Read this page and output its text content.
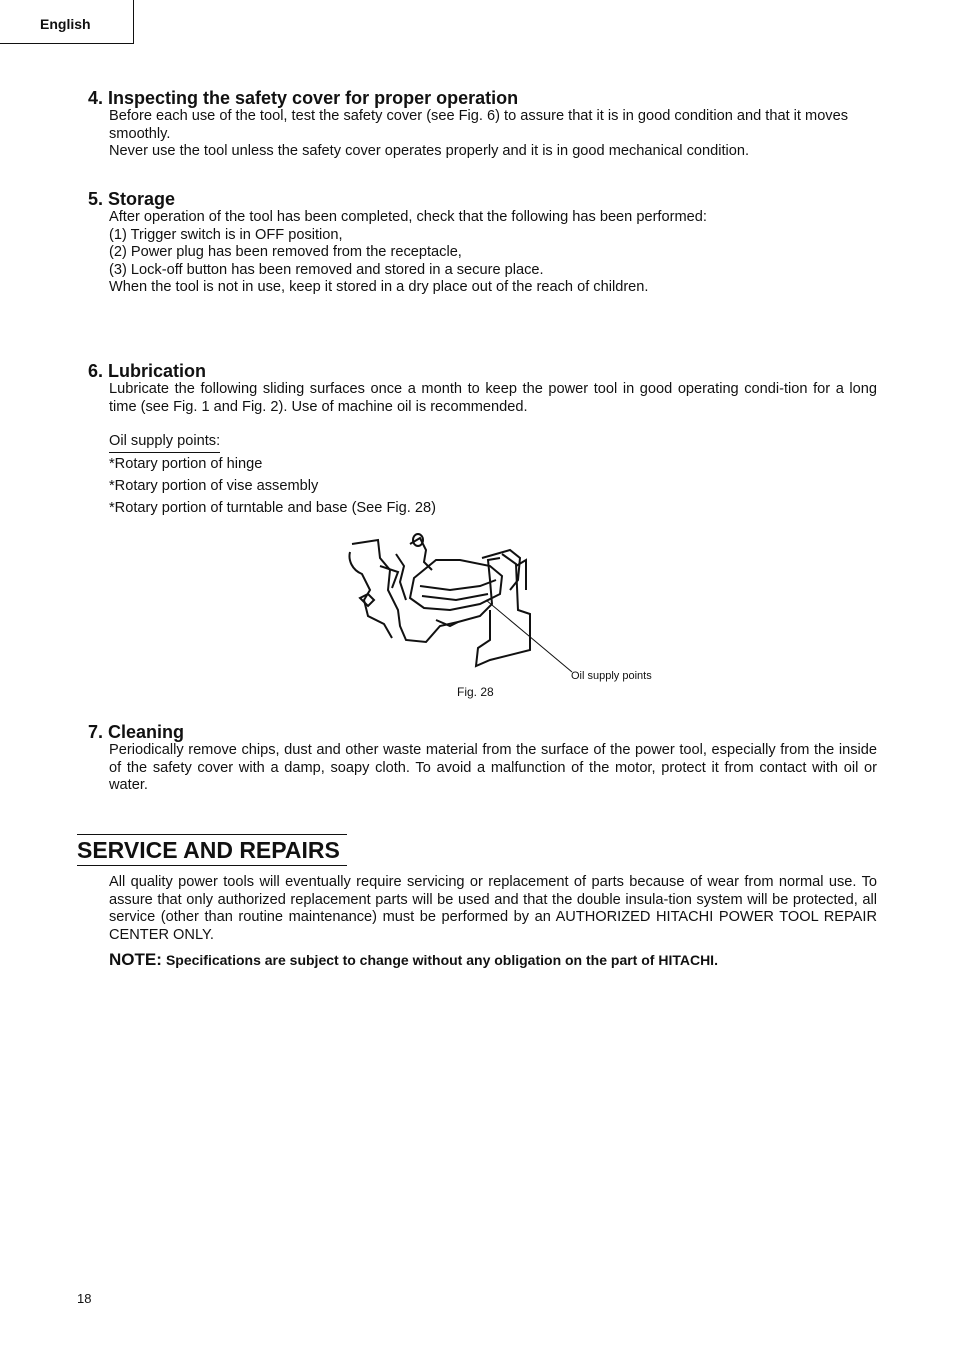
English
4. Inspecting the safety cover for proper operation

Before each use of the tool, test the safety cover (see Fig. 6) to assure that it is in good condition and that it moves smoothly.

Never use the tool unless the safety cover operates properly and it is in good mechanical condition.

5. Storage

After operation of the tool has been completed, check that the following has been performed:

(1) Trigger switch is in OFF position,

(2) Power plug has been removed from the receptacle,

(3) Lock-off button has been removed and stored in a secure place.

When the tool is not in use, keep it stored in a dry place out of the reach of children.

6. Lubrication

Lubricate the following sliding surfaces once a month to keep the power tool in good operating condi-tion for a long time (see Fig. 1 and Fig. 2). Use of machine oil is recommended.

Oil supply points:

*Rotary portion of hinge

*Rotary portion of vise assembly

*Rotary portion of turntable and base (See Fig. 28)

Oil supply points
Fig. 28
7. Cleaning

Periodically remove chips, dust and other waste material from the surface of the power tool, especially from the inside of the safety cover with a damp, soapy cloth. To avoid a malfunction of the motor, protect it from contact with oil or water.

SERVICE AND REPAIRS

All quality power tools will eventually require servicing or replacement of parts because of wear from normal use. To assure that only authorized replacement parts will be used and that the double insula-tion system will be protected, all service (other than routine maintenance) must be performed by an AUTHORIZED HITACHI POWER TOOL REPAIR CENTER ONLY.

NOTE: Specifications are subject to change without any obligation on the part of HITACHI.

18
